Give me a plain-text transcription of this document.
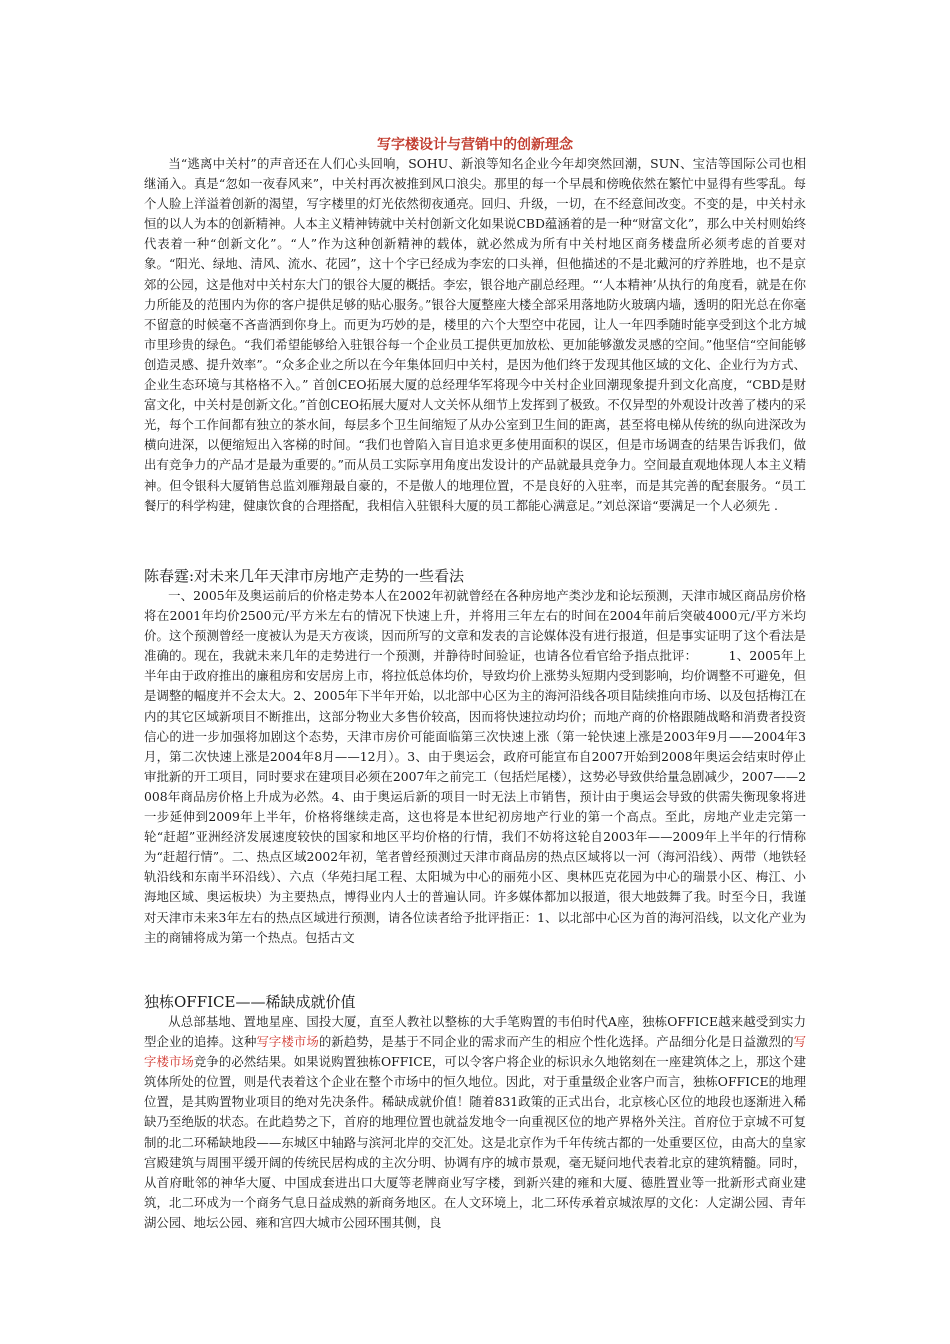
写字楼设计与营销中的创新理念

当“逃离中关村”的声音还在人们心头回响，SOHU、新浪等知名企业今年却突然回潮，SUN、宝洁等国际公司也相继涌入。真是“忽如一夜春风来”，中关村再次被推到风口浪尖。那里的每一个早晨和傍晚依然在繁忙中显得有些零乱。每个人脸上洋溢着创新的渴望，写字楼里的灯光依然彻夜通亮。回归、升级，一切，在不经意间改变。不变的是，中关村永恒的以人为本的创新精神。人本主义精神铸就中关村创新文化如果说CBD蕴涵着的是一种“财富文化”，那么中关村则始终代表着一种“创新文化”。“人”作为这种创新精神的载体，就必然成为所有中关村地区商务楼盘所必须考虑的首要对象。“阳光、绿地、清风、流水、花园”，这十个字已经成为李宏的口头禅，但他描述的不是北戴河的疗养胜地，也不是京郊的公园，这是他对中关村东大门的银谷大厦的概括。李宏，银谷地产副总经理。“‘人本精神’从执行的角度看，就是在你力所能及的范围内为你的客户提供足够的贴心服务。”银谷大厦整座大楼全部采用落地防火玻璃内墙，透明的阳光总在你毫不留意的时候毫不吝啬洒到你身上。而更为巧妙的是，楼里的六个大型空中花园，让人一年四季随时能享受到这个北方城市里珍贵的绿色。“我们希望能够给入驻银谷每一个企业员工提供更加放松、更加能够激发灵感的空间。”他坚信“空间能够创造灵感、提升效率”。“众多企业之所以在今年集体回归中关村，是因为他们终于发现其他区域的文化、企业行为方式、企业生态环境与其格格不入。” 首创CEO拓展大厦的总经理华军将现今中关村企业回潮现象提升到文化高度，“CBD是财富文化，中关村是创新文化。”首创CEO拓展大厦对人文关怀从细节上发挥到了极致。不仅异型的外观设计改善了楼内的采光，每个工作间都有独立的茶水间，每层多个卫生间缩短了从办公室到卫生间的距离，甚至将电梯从传统的纵向进深改为横向进深，以便缩短出入客梯的时间。“我们也曾陷入盲目追求更多使用面积的误区，但是市场调查的结果告诉我们，做出有竞争力的产品才是最为重要的。”而从员工实际享用角度出发设计的产品就最具竞争力。空间最直观地体现人本主义精神。但令银科大厦销售总监刘雁翔最自豪的，不是傲人的地理位置，不是良好的入驻率，而是其完善的配套服务。“员工餐厅的科学构建，健康饮食的合理搭配，我相信入驻银科大厦的员工都能心满意足。”刘总深谙“要满足一个人必须先 .

陈春霆:对未来几年天津市房地产走势的一些看法

一、2005年及奥运前后的价格走势本人在2002年初就曾经在各种房地产类沙龙和论坛预测，天津市城区商品房价格将在2001年均价2500元/平方米左右的情况下快速上升，并将用三年左右的时间在2004年前后突破4000元/平方米均价。这个预测曾经一度被认为是天方夜谈，因而所写的文章和发表的言论媒体没有进行报道，但是事实证明了这个看法是准确的。现在，我就未来几年的走势进行一个预测，并静待时间验证，也请各位看官给予指点批评：　　　1、2005年上半年由于政府推出的廉租房和安居房上市，将拉低总体均价，导致均价上涨势头短期内受到影响，均价调整不可避免，但是调整的幅度并不会太大。2、2005年下半年开始，以北部中心区为主的海河沿线各项目陆续推向市场、以及包括梅江在内的其它区域新项目不断推出，这部分物业大多售价较高，因而将快速拉动均价；而地产商的价格跟随战略和消费者投资信心的进一步加强将加剧这个态势，天津市房价可能面临第三次快速上涨（第一轮快速上涨是2003年9月——2004年3月，第二次快速上涨是2004年8月——12月）。3、由于奥运会，政府可能宣布自2007开始到2008年奥运会结束时停止审批新的开工项目，同时要求在建项目必须在2007年之前完工（包括烂尾楼），这势必导致供给量急剧减少，2007——2008年商品房价格上升成为必然。4、由于奥运后新的项目一时无法上市销售，预计由于奥运会导致的供需失衡现象将进一步延伸到2009年上半年，价格将继续走高，这也将是本世纪初房地产行业的第一个高点。至此，房地产业走完第一轮“赶超”亚洲经济发展速度较快的国家和地区平均价格的行情，我们不妨将这轮自2003年——2009年上半年的行情称为“赶超行情”。二、热点区域2002年初，笔者曾经预测过天津市商品房的热点区域将以一河（海河沿线）、两带（地铁轻轨沿线和东南半环沿线）、六点（华苑扫尾工程、太阳城为中心的丽苑小区、奥林匹克花园为中心的瑞景小区、梅江、小海地区域、奥运板块）为主要热点，博得业内人士的普遍认同。许多媒体都加以报道，很大地鼓舞了我。时至今日，我谨对天津市未来3年左右的热点区域进行预测，请各位读者给予批评指正：1、以北部中心区为首的海河沿线，以文化产业为主的商铺将成为第一个热点。包括古文

独栋OFFICE——稀缺成就价值

从总部基地、置地星座、国投大厦，直至人教社以整栋的大手笔购置的韦伯时代A座，独栋OFFICE越来越受到实力型企业的追捧。这种写字楼市场的新趋势，是基于不同企业的需求而产生的相应个性化选择。产品细分化是日益激烈的写字楼市场竞争的必然结果。如果说购置独栋OFFICE，可以令客户将企业的标识永久地铭刻在一座建筑体之上，那这个建筑体所处的位置，则是代表着这个企业在整个市场中的恒久地位。因此，对于重量级企业客户而言，独栋OFFICE的地理位置，是其购置物业项目的绝对先决条件。稀缺成就价值！随着831政策的正式出台，北京核心区位的地段也逐渐进入稀缺乃至绝版的状态。在此趋势之下，首府的地理位置也就益发地令一向重视区位的地产界格外关注。首府位于京城不可复制的北二环稀缺地段——东城区中轴路与滨河北岸的交汇处。这是北京作为千年传统古都的一处重要区位，由高大的皇家宫殿建筑与周围平缓开阔的传统民居构成的主次分明、协调有序的城市景观，毫无疑问地代表着北京的建筑精髓。同时，从首府毗邻的神华大厦、中国成套进出口大厦等老牌商业写字楼，到新兴建的雍和大厦、德胜置业等一批新形式商业建筑，北二环成为一个商务气息日益成熟的新商务地区。在人文环境上，北二环传承着京城浓厚的文化：人定湖公园、青年湖公园、地坛公园、雍和宫四大城市公园环围其侧，良
